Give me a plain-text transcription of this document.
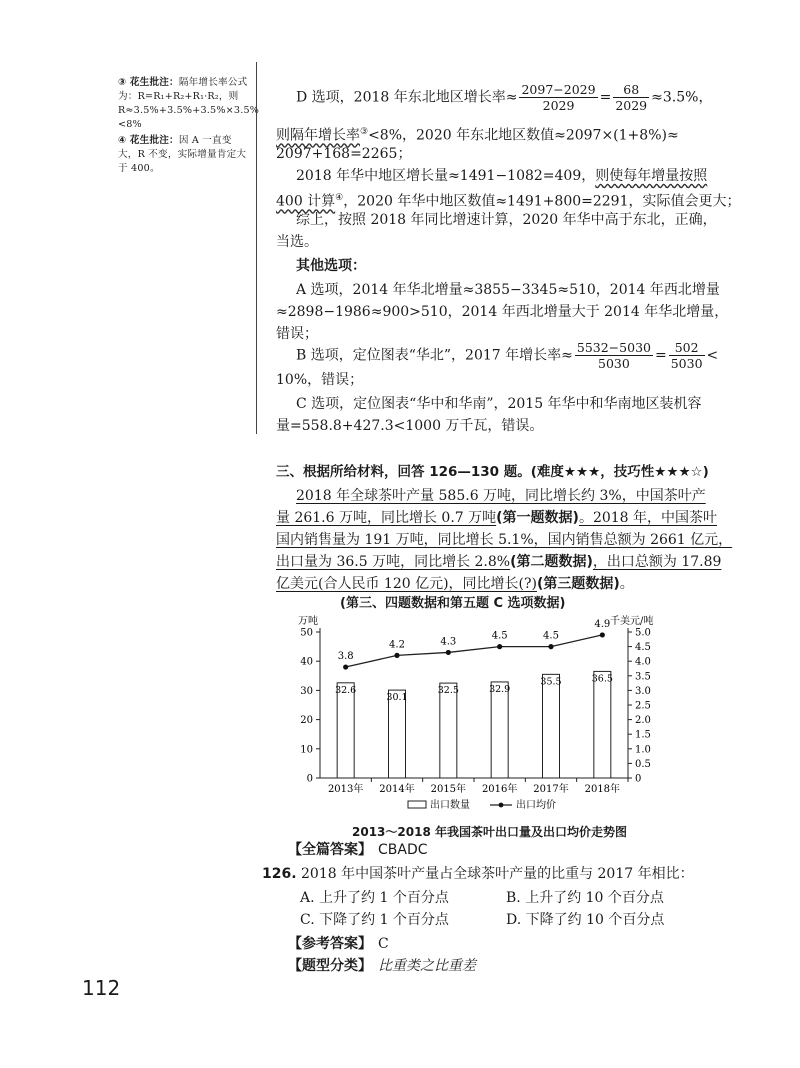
③ 花生批注：隔年增长率公式为：R=R₁+R₂+R₁·R₂，则 R≈3.5%+3.5%+3.5%×3.5%<8%

④ 花生批注：因 A 一直变大，R 不变，实际增量肯定大于 400。

D 选项，2018 年东北地区增长率≈ $\frac{2097-2029}{2029} = \frac{68}{2029} \approx 3.5\%$，
则隔年增长率③<8%，2020 年东北地区数值≈2097×(1+8%)≈
2097+168=2265；
2018 年华中地区增长量≈1491−1082=409，则使每年增量按照
400 计算④，2020 年华中地区数值≈1491+800=2291，实际值会更大；
综上，按照 2018 年同比增速计算，2020 年华中高于东北，正确，
当选。
其他选项：
A 选项，2014 年华北增量≈3855−3345≈510，2014 年西北增量
≈2898−1986≈900>510，2014 年西北增量大于 2014 年华北增量，
错误；
B 选项，定位图表“华北”，2017 年增长率≈ $\frac{5532-5030}{5030} = \frac{502}{5030}$ <
10%，错误；
C 选项，定位图表“华中和华南”，2015 年华中和华南地区装机容
量=558.8+427.3<1000 万千瓦，错误。
三、根据所给材料，回答 126—130 题。(难度★★★，技巧性★★★☆)
2018 年全球茶叶产量 585.6 万吨，同比增长约 3%，中国茶叶产
量 261.6 万吨，同比增长 0.7 万吨(第一题数据)。2018 年，中国茶叶
国内销售量为 191 万吨，同比增长 5.1%，国内销售总额为 2661 亿元，
出口量为 36.5 万吨，同比增长 2.8%(第二题数据)，出口总额为 17.89
亿美元(合人民币 120 亿元)，同比增长(?)(第三题数据)。
(第三、四题数据和第五题 C 选项数据)
万吨	千美元/吨
0
10
20
30
40
50
0
0.5
1.0
1.5
2.0
2.5
3.0
3.5
4.0
4.5
5.0
32.6
30.1
32.5	32.9
35.5	36.5
2013年 2014年 2015年 2016年 2017年 2018年
3.8
4.2	4.3
4.5	4.5
4.9
出口数量	出口均价
2013～2018 年我国茶叶出口量及出口均价走势图
【全篇答案】 CBADC
126. 2018 年中国茶叶产量占全球茶叶产量的比重与 2017 年相比：
A. 上升了约 1 个百分点	B. 上升了约 10 个百分点
C. 下降了约 1 个百分点	D. 下降了约 10 个百分点
【参考答案】 C
【题型分类】 比重类之比重差
112
